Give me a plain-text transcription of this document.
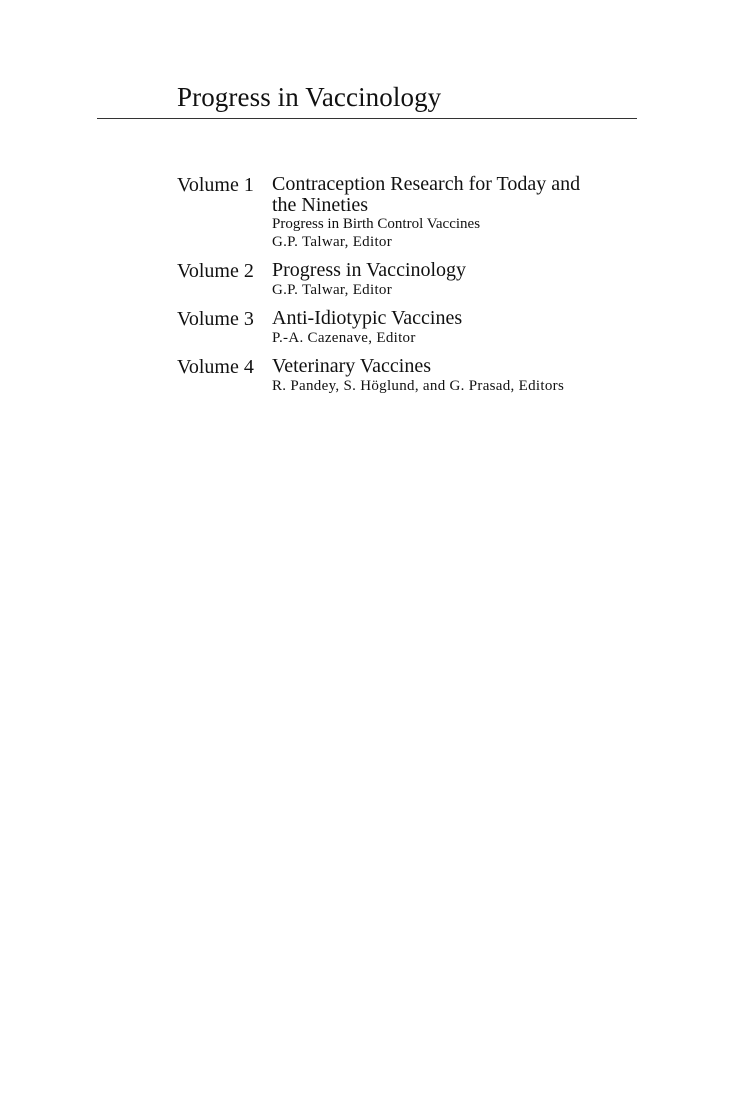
Progress in Vaccinology
Volume 1 Contraception Research for Today and
the Nineties
Progress in Birth Control Vaccines
G.P. Talwar, Editor
Volume 2 Progress in Vaccinology
G.P. Talwar, Editor
Volume 3 Anti-Idiotypic Vaccines
P.-A. Cazenave, Editor
Volume 4 Veterinary Vaccines
R. Pandey, S. Höglund, and G. Prasad, Editors
